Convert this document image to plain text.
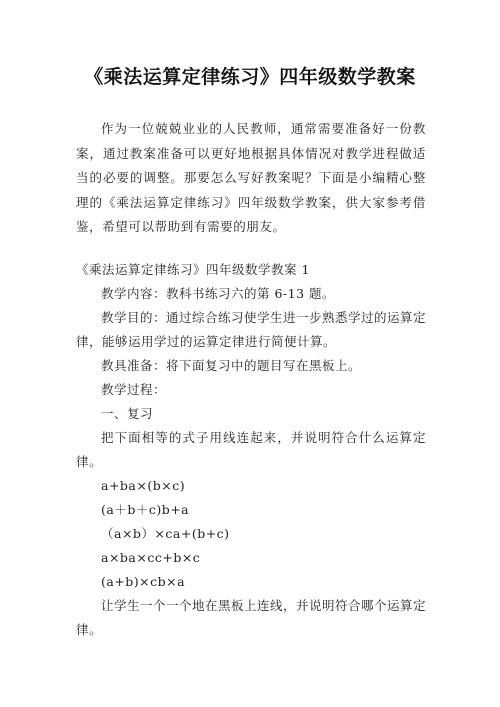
《乘法运算定律练习》四年级数学教案

作为一位兢兢业业的人民教师，通常需要准备好一份教案，通过教案准备可以更好地根据具体情况对教学进程做适当的必要的调整。那要怎么写好教案呢？下面是小编精心整理的《乘法运算定律练习》四年级数学教案，供大家参考借鉴，希望可以帮助到有需要的朋友。

《乘法运算定律练习》四年级数学教案 1

教学内容：教科书练习六的第 6-13 题。

教学目的：通过综合练习使学生进一步熟悉学过的运算定律，能够运用学过的运算定律进行简便计算。

教具准备：将下面复习中的题目写在黑板上。

教学过程：

一、复习

把下面相等的式子用线连起来，并说明符合什么运算定律。

a+ba×(b×c)

(a＋b＋c)b+a

（a×b）×ca+(b+c)

a×ba×cc+b×c

(a+b)×cb×a

让学生一个一个地在黑板上连线，并说明符合哪个运算定律。
